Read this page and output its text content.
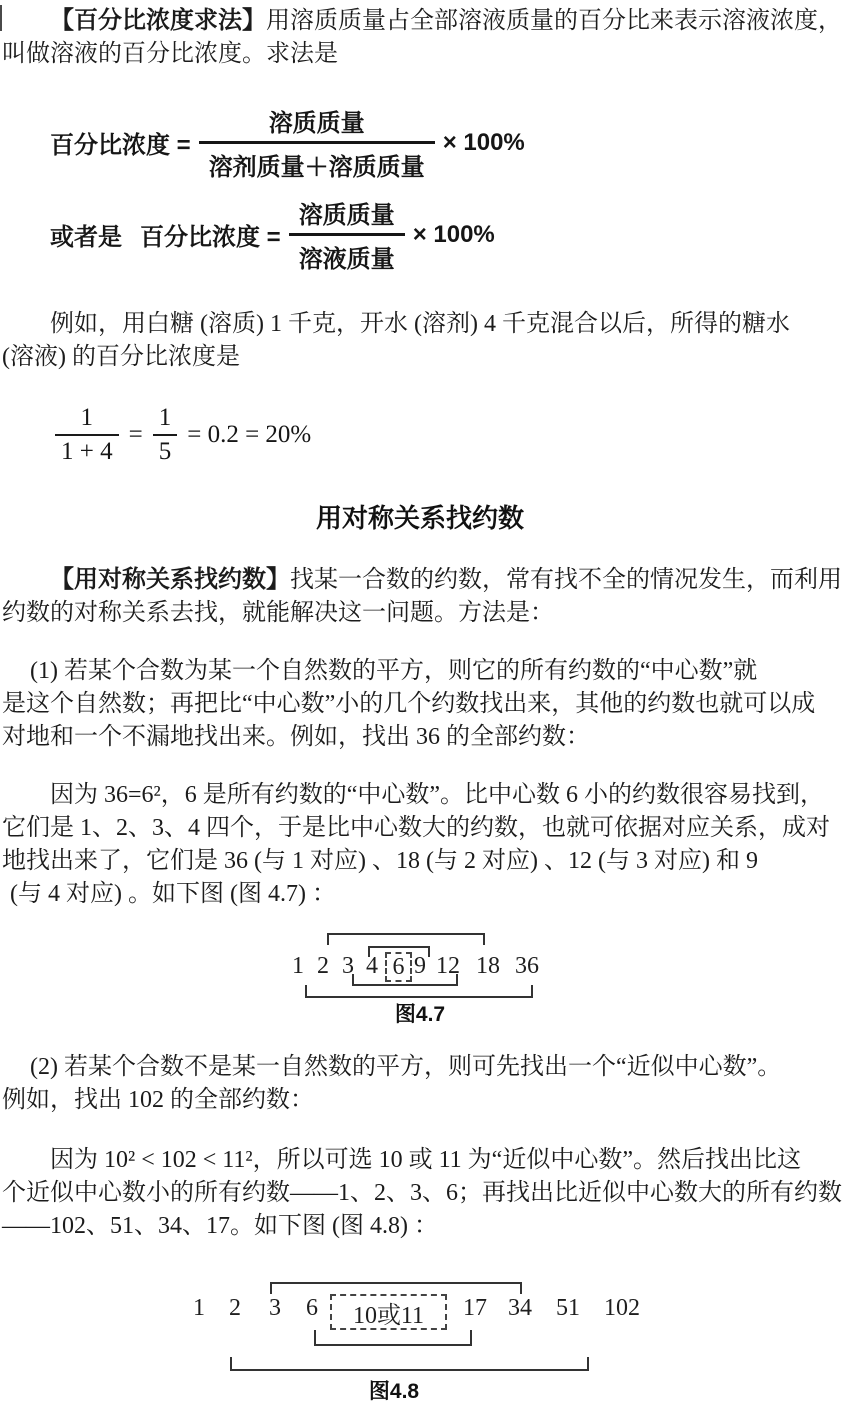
【百分比浓度求法】用溶质质量占全部溶液质量的百分比来表示溶液浓度，
叫做溶液的百分比浓度。求法是
百分比浓度 = $\frac{\text{溶质质量}}{\text{溶剂质量＋溶质质量}} \times 100\%$
或者是 百分比浓度 = $\frac{\text{溶质质量}}{\text{溶液质量}} \times 100\%$
例如，用白糖 (溶质) 1 千克，开水 (溶剂) 4 千克混合以后，所得的糖水
(溶液) 的百分比浓度是
$\frac{1}{1 + 4} = \frac{1}{5} = 0.2 = 20\%$
用对称关系找约数
【用对称关系找约数】找某一合数的约数，常有找不全的情况发生，而利用
约数的对称关系去找，就能解决这一问题。方法是：
(1) 若某个合数为某一个自然数的平方，则它的所有约数的“中心数”就
是这个自然数；再把比“中心数”小的几个约数找出来，其他的约数也就可以成
对地和一个不漏地找出来。例如，找出 36 的全部约数：
因为 36=6²，6 是所有约数的“中心数”。比中心数 6 小的约数很容易找到，
它们是 1、2、3、4 四个，于是比中心数大的约数，也就可依据对应关系，成对
地找出来了，它们是 36 (与 1 对应) 、18 (与 2 对应) 、12 (与 3 对应) 和 9
(与 4 对应) 。如下图 (图 4.7) ：
1 2 3 4 6 9 12 18 36
图4.7
(2) 若某个合数不是某一自然数的平方，则可先找出一个“近似中心数”。
例如，找出 102 的全部约数：
因为 10² < 102 < 11²，所以可选 10 或 11 为“近似中心数”。然后找出比这
个近似中心数小的所有约数——1、2、3、6；再找出比近似中心数大的所有约数
——102、51、34、17。如下图 (图 4.8) ：
1	2	3	6	10或11	17 34	51	102
图4.8
